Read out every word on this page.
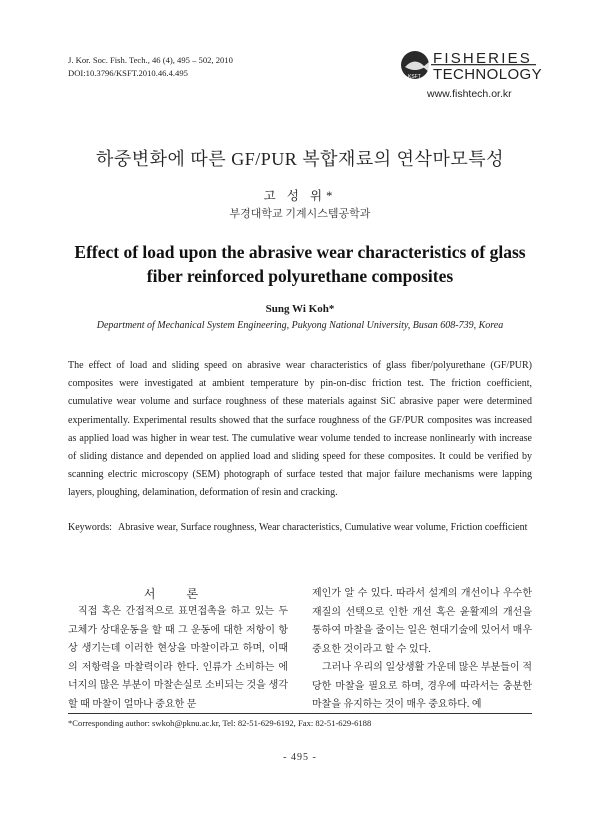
J. Kor. Soc. Fish. Tech., 46 (4), 495 – 502, 2010
DOI:10.3796/KSFT.2010.46.4.495	KSFT
FISHERIES
TECHNOLOGY
www.fishtech.or.kr
하중변화에 따른 GF/PUR 복합재료의 연삭마모특성
고 성 위*
부경대학교 기계시스템공학과
Effect of load upon the abrasive wear characteristics of glass fiber reinforced polyurethane composites
Sung Wi Koh*
Department of Mechanical System Engineering, Pukyong National University, Busan 608-739, Korea
The effect of load and sliding speed on abrasive wear characteristics of glass fiber/polyurethane (GF/PUR) composites were investigated at ambient temperature by pin-on-disc friction test. The friction coefficient, cumulative wear volume and surface roughness of these materials against SiC abrasive paper were determined experimentally. Experimental results showed that the surface roughness of the GF/PUR composites was increased as applied load was higher in wear test. The cumulative wear volume tended to increase nonlinearly with increase of sliding distance and depended on applied load and sliding speed for these composites. It could be verified by scanning electric microscopy (SEM) photograph of surface tested that major failure mechanisms were lapping layers, ploughing, delamination, deformation of resin and cracking.
Keywords: Abrasive wear, Surface roughness, Wear characteristics, Cumulative wear volume, Friction coefficient
서 론
직접 혹은 간접적으로 표면접촉을 하고 있는 두 고체가 상대운동을 할 때 그 운동에 대한 저항이 항상 생기는데 이러한 현상을 마찰이라고 하며, 이때의 저항력을 마찰력이라 한다. 인류가 소비하는 에너지의 많은 부분이 마찰손실로 소비되는 것을 생각할 때 마찰이 얼마나 중요한 문
제인가 알 수 있다. 따라서 설계의 개선이나 우수한 재질의 선택으로 인한 개선 혹은 윤활제의 개선을 통하여 마찰을 줄이는 일은 현대기술에 있어서 매우 중요한 것이라고 할 수 있다.
그러나 우리의 일상생활 가운데 많은 부분들이 적당한 마찰을 필요로 하며, 경우에 따라서는 충분한 마찰을 유지하는 것이 매우 중요하다. 예
*Corresponding author: swkoh@pknu.ac.kr, Tel: 82-51-629-6192, Fax: 82-51-629-6188
- 495 -
